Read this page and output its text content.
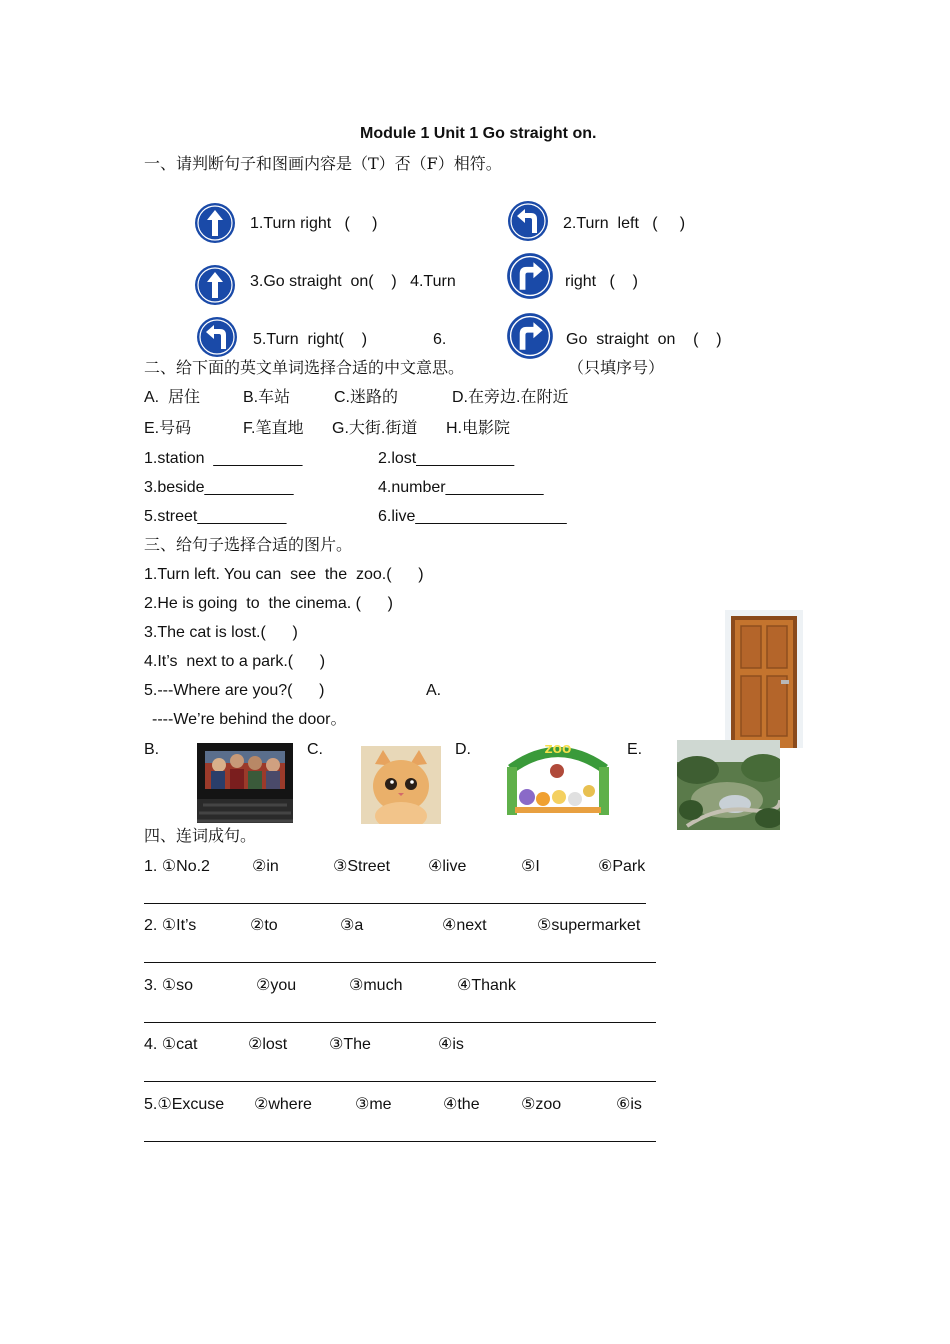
Module 1 Unit 1 Go straight on.
一、请判断句子和图画内容是（T）否（F）相符。
1.Turn right   (     )	2.Turn  left   (     )
3.Go straight  on(    )   4.Turn	right   (    )
5.Turn  right(    )	6.	Go  straight  on    (    )
二、给下面的英文单词选择合适的中文意思。	（只填序号）
A.  居住	B.车站	C.迷路的	D.在旁边.在附近
E.号码	F.笔直地 G.大街.街道 H.电影院
1.station  __________	2.lost___________
3.beside__________	4.number___________
5.street__________	6.live_________________
三、给句子选择合适的图片。
1.Turn left. You can  see  the  zoo.(      )
2.He is going  to  the cinema. (      )
3.The cat is lost.(      )
4.It’s  next to a park.(      )
5.---Where are you?(      )
----We’re behind the door。
A.
B.	C.	D.	E.
ZOO
四、连词成句。
1. ①No.2	②in	③Street ④live	⑤I	⑥Park
2. ①It’s	②to	③a	④next	⑤supermarket
3. ①so	②you	③much	④Thank
4. ①cat	②lost	③The	④is
5.①Excuse ②where	③me	④the	⑤zoo	⑥is
